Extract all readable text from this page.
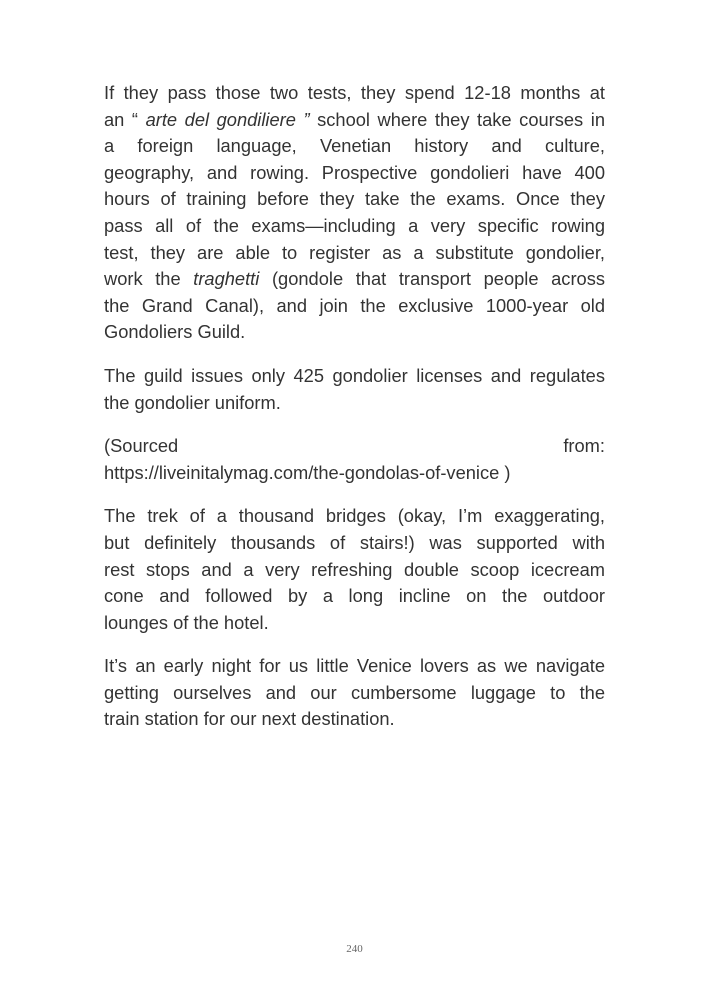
If they pass those two tests, they spend 12-18 months at
an “ arte del gondiliere ” school where they take courses in
a foreign language, Venetian history and culture,
geography, and rowing. Prospective gondolieri have 400
hours of training before they take the exams. Once they
pass all of the exams—including a very specific rowing
test, they are able to register as a substitute gondolier,
work the traghetti (gondole that transport people across
the Grand Canal), and join the exclusive 1000-year old
Gondoliers Guild.
The guild issues only 425 gondolier licenses and regulates
the gondolier uniform.
(Sourced from:
https://liveinitalymag.com/the-gondolas-of-venice )
The trek of a thousand bridges (okay, I’m exaggerating,
but definitely thousands of stairs!) was supported with
rest stops and a very refreshing double scoop icecream
cone and followed by a long incline on the outdoor
lounges of the hotel.
It’s an early night for us little Venice lovers as we navigate
getting ourselves and our cumbersome luggage to the
train station for our next destination.
240
